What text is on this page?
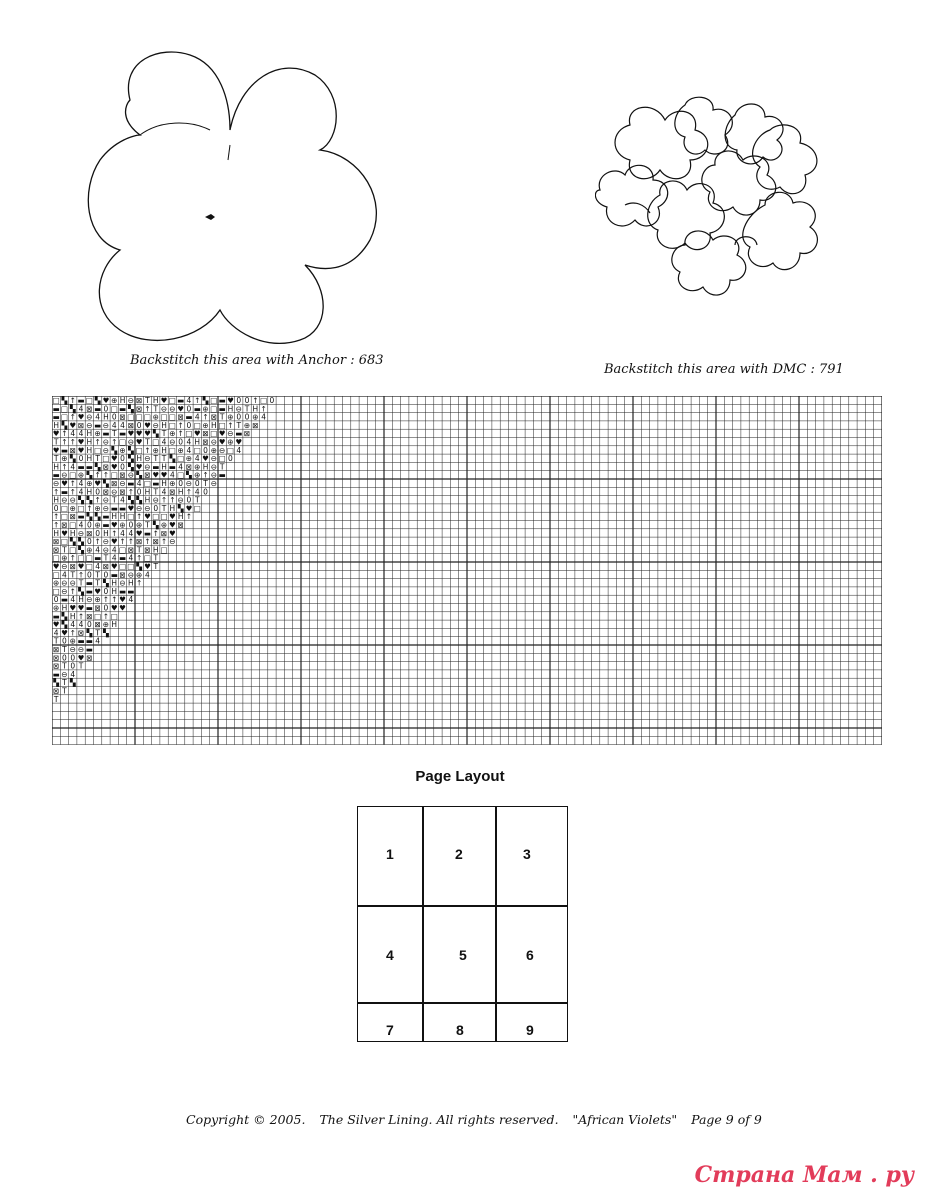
Backstitch this area with Anchor : 683
Backstitch this area with DMC : 791
□ ▚ ↑ ▬ □ ▚ ♥ ⊕ H ⊖ ⊠ T H ♥ □ ▬ 4 ↑ ▚ □ ▬ ♥ 0 0 ↑ □ 0
▬ □ ▚ 4 ⊠ ▬ 0 □ ▬ ▚ ⊠ ↑ T ⊖ ⊖ ♥ 0 ▬ ⊕ □ ▬ H ⊖ T H ↑
▬ □ ↑ ♥ ⊖ 4 H 0 ⊠ □ □ □ ⊕ □ □ ⊠ ▬ 4 ↑ ⊠ T ⊕ 0 0 ⊕ 4
H ▚ ♥ ⊠ ⊖ ▬ ⊖ 4 4 ⊠ 0 ♥ ⊖ H □ ↑ 0 □ ⊕ H □ ↑ T ⊕ ⊠
♥ ↑ 4 4 H ⊕ ▬ T ▬ ♥ ♥ ♥ ▚ T ⊕ ↑ □ ♥ ⊠ □ ♥ ⊖ ▬ ⊠
T ↑ ↑ ♥ H ↑ ⊖ ↑ □ ⊖ ♥ T □ 4 ⊖ 0 4 H ⊠ ⊖ ♥ ⊕ ♥
♥ ▬ ⊠ ♥ H □ ⊖ ▚ ⊕ ▚ □ ↑ ⊕ H □ ⊕ 4 □ 0 ⊕ ⊖ □ 4
T ⊕ ▚ 0 H T □ ♥ 0 ▚ H ⊖ T T ▚ □ ⊕ 4 ♥ ⊖ □ 0
H ↑ 4 ▬ ▬ ▚ ⊠ ♥ 0 ▚ ♥ ⊖ ▬ H ▬ 4 ⊠ ⊕ H ⊖ T
▬ ⊖ □ ⊕ ▚ ↑ ↑ □ ⊠ ⊖ ▚ ⊠ ♥ ♥ 4 □ ▚ ⊕ ↑ ⊖ ▬
⊖ ♥ ↑ 4 ⊕ ♥ ▚ ⊠ ⊖ ▬ 4 □ ▬ H ⊕ 0 ⊖ 0 T ⊖
↑ ▬ ↑ 4 H 0 ⊠ ⊖ ⊠ ↑ 0 H T 4 ⊠ H ↑ 4 0
H ⊖ ⊖ ▚ ▚ ↑ ⊖ T 4 ▚ ▚ H ⊖ ↑ ↑ ⊖ 0 T
0 □ ⊕ □ ↑ ⊕ ⊖ ▬ ▬ ♥ ⊖ ⊖ 0 T H ▚ ♥ □
↑ □ ⊠ ▬ ▚ ▚ ▬ H H □ ↑ ♥ □ □ ♥ H ↑
↑ ⊠ □ 4 0 ⊕ ▬ ♥ ⊕ 0 ⊕ T ▚ ⊕ ♥ ⊠
H ♥ H ⊖ ⊠ 0 H ↑ 4 4 ♥ ▬ ↑ ⊠ ♥
⊠ □ ▚ ▚ 0 ↑ ⊖ ♥ ↑ ↑ ⊠ ↑ ⊠ ↑ ⊖
⊠ T □ ▚ ⊕ 4 ⊖ 4 □ ⊠ T ⊠ H □
□ ⊕ ↑ □ □ ▬ T 4 ▬ 4 ↑ □ T
♥ ⊖ ⊠ ♥ □ 4 ⊠ ♥ □ □ ▚ ♥ T
□ 4 T ↑ 0 T 0 ▬ ⊠ ⊖ ⊕ 4
⊕ ⊖ ⊖ T ▬ T ▚ H ⊖ H ↑
□ ⊖ ↑ ▚ ▬ ♥ 0 H ▬ ▬
0 ▬ 4 H ⊖ ⊕ ↑ ↑ ♥ 4
⊕ H ♥ ♥ ▬ ⊠ 0 ♥ ♥
▬ ▚ H ↑ ⊠ □ ↑ □
♥ ▚ 4 4 0 ⊠ ⊕ H
4 ♥ ↑ ⊠ ▚ T ▚
T 0 ⊕ ▬ ▬ 4
⊠ T ⊖ ⊖ ▬
⊠ 0 0 ♥ ⊠
⊠ T 0 T
▬ ⊖ 4
▚ T ▚
⊠ T
T
Page Layout
1	2	3
4	5	6
7	8	9
Copyright © 2005. The Silver Lining. All rights reserved. "African Violets" Page 9 of 9
Страна Мам . ру
